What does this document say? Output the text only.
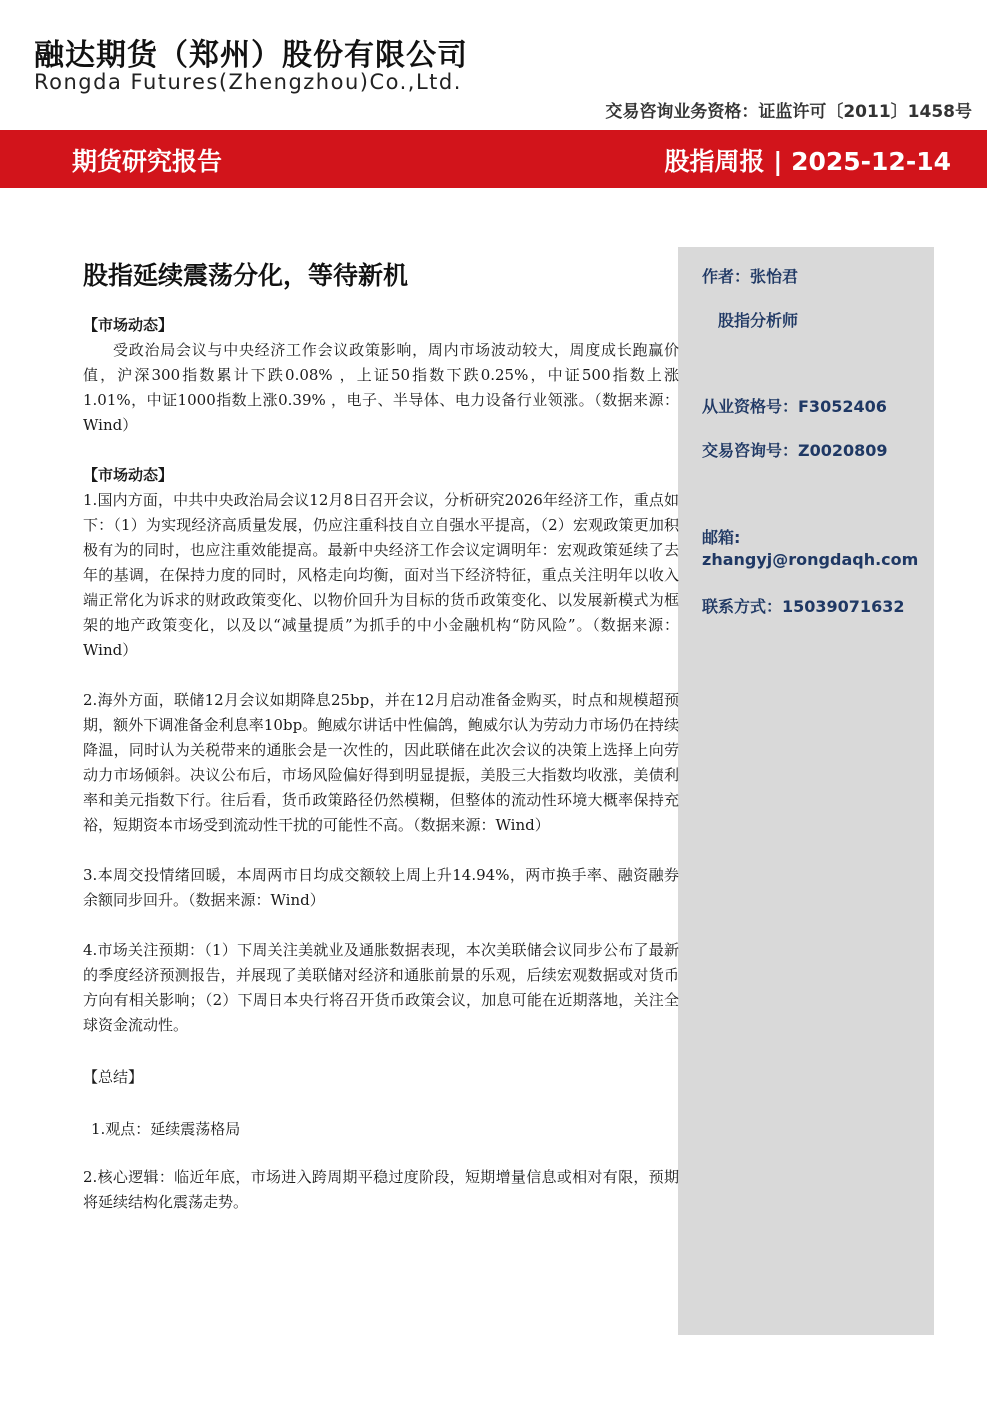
融达期货（郑州）股份有限公司
Rongda Futures(Zhengzhou)Co.,Ltd.
交易咨询业务资格：证监许可〔2011〕1458号
期货研究报告	股指周报 | 2025-12-14
作者：张怡君
股指分析师
从业资格号：F3052406
交易咨询号：Z0020809
邮箱:
zhangyj@rongdaqh.com
联系方式：15039071632
股指延续震荡分化，等待新机

【市场动态】

受政治局会议与中央经济工作会议政策影响，周内市场波动较大，周度成长跑赢价值，沪深300指数累计下跌0.08% ，上证50指数下跌0.25%，中证500指数上涨1.01%，中证1000指数上涨0.39% ，电子、半导体、电力设备行业领涨。（数据来源：Wind）

【市场动态】

1.国内方面，中共中央政治局会议12月8日召开会议，分析研究2026年经济工作，重点如下：（1）为实现经济高质量发展，仍应注重科技自立自强水平提高，（2）宏观政策更加积极有为的同时，也应注重效能提高。最新中央经济工作会议定调明年：宏观政策延续了去年的基调，在保持力度的同时，风格走向均衡，面对当下经济特征，重点关注明年以收入端正常化为诉求的财政政策变化、以物价回升为目标的货币政策变化、以发展新模式为框架的地产政策变化，以及以“减量提质”为抓手的中小金融机构“防风险”。（数据来源：Wind）

2.海外方面，联储12月会议如期降息25bp，并在12月启动准备金购买，时点和规模超预期，额外下调准备金利息率10bp。鲍威尔讲话中性偏鸽，鲍威尔认为劳动力市场仍在持续降温，同时认为关税带来的通胀会是一次性的，因此联储在此次会议的决策上选择上向劳动力市场倾斜。决议公布后，市场风险偏好得到明显提振，美股三大指数均收涨，美债利率和美元指数下行。往后看，货币政策路径仍然模糊，但整体的流动性环境大概率保持充裕，短期资本市场受到流动性干扰的可能性不高。（数据来源：Wind）

3.本周交投情绪回暖，本周两市日均成交额较上周上升14.94%，两市换手率、融资融券余额同步回升。（数据来源：Wind）

4.市场关注预期：（1）下周关注美就业及通胀数据表现，本次美联储会议同步公布了最新的季度经济预测报告，并展现了美联储对经济和通胀前景的乐观，后续宏观数据或对货币方向有相关影响；（2）下周日本央行将召开货币政策会议，加息可能在近期落地，关注全球资金流动性。

【总结】

1.观点：延续震荡格局

2.核心逻辑：临近年底，市场进入跨周期平稳过度阶段，短期增量信息或相对有限，预期将延续结构化震荡走势。
